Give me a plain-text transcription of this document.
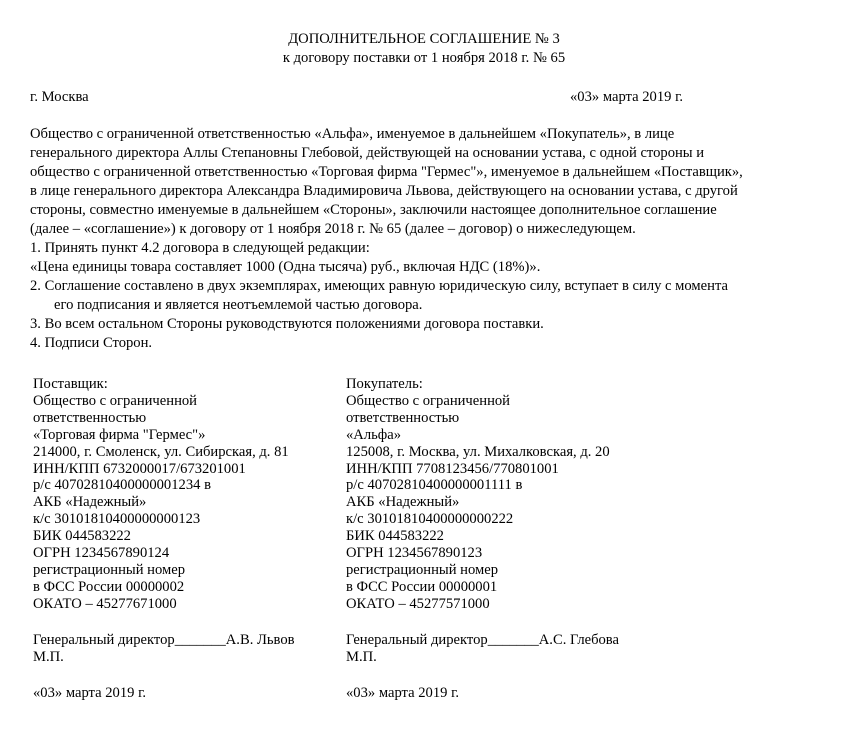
ДОПОЛНИТЕЛЬНОЕ СОГЛАШЕНИЕ № 3
к договору поставки от 1 ноября 2018 г. № 65
г. Москва	«03» марта 2019 г.

Общество с ограниченной ответственностью «Альфа», именуемое в дальнейшем «Покупатель», в лице

генерального директора Аллы Степановны Глебовой, действующей на основании устава, с одной стороны и

общество с ограниченной ответственностью «Торговая фирма "Гермес"», именуемое в дальнейшем «Поставщик»,

в лице генерального директора Александра Владимировича Львова, действующего на основании устава, с другой

стороны, совместно именуемые в дальнейшем «Стороны», заключили настоящее дополнительное соглашение

(далее – «соглашение») к договору от 1 ноября 2018 г. № 65 (далее – договор) о нижеследующем.

1. Принять пункт 4.2 договора в следующей редакции:

«Цена единицы товара составляет 1000 (Одна тысяча) руб., включая НДС (18%)».

2. Соглашение составлено в двух экземплярах, имеющих равную юридическую силу, вступает в силу с момента

его подписания и является неотъемлемой частью договора.

3. Во всем остальном Стороны руководствуются положениями договора поставки.

4. Подписи Сторон.

Поставщик:
Общество с ограниченной
ответственностью
«Торговая фирма "Гермес"»
214000, г. Смоленск, ул. Сибирская, д. 81
ИНН/КПП 6732000017/673201001
р/с 40702810400000001234 в
АКБ «Надежный»
к/с 30101810400000000123
БИК 044583222
ОГРН 1234567890124
регистрационный номер
в ФСС России 00000002
ОКАТО – 45277671000
Генеральный директор_______А.В. Львов
М.П.
«03» марта 2019 г.
Покупатель:
Общество с ограниченной
ответственностью
«Альфа»
125008, г. Москва, ул. Михалковская, д. 20
ИНН/КПП 7708123456/770801001
р/с 40702810400000001111 в
АКБ «Надежный»
к/с 30101810400000000222
БИК 044583222
ОГРН 1234567890123
регистрационный номер
в ФСС России 00000001
ОКАТО – 45277571000
Генеральный директор_______А.С. Глебова
М.П.
«03» марта 2019 г.
